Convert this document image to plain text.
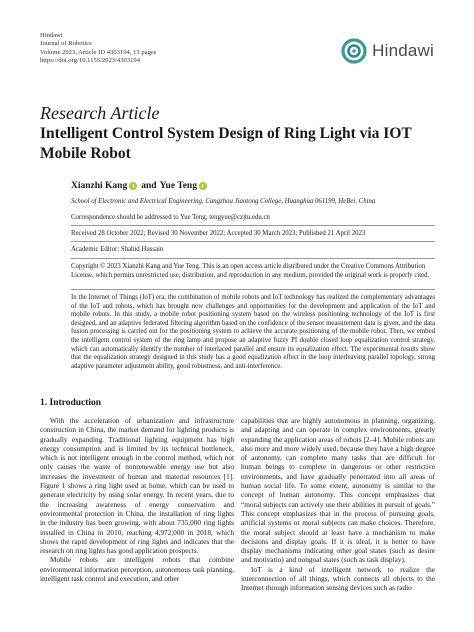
Hindawi
Journal of Robotics
Volume 2023, Article ID 4303194, 13 pages
https://doi.org/10.1155/2023/4303194
Hindawi
Research Article
Intelligent Control System Design of Ring Light via IOT Mobile Robot
Xianzhi Kang and Yue Teng
School of Electronic and Electrical Engineering, Cangzhou Jiaotong College, Huanghua 061199, HeBei, China
Correspondence should be addressed to Yue Teng; tengyue@czjtu.edu.cn
Received 28 October 2022; Revised 30 November 2022; Accepted 30 March 2023; Published 21 April 2023
Academic Editor: Shahid Hussain
Copyright © 2023 Xianzhi Kang and Yue Teng. This is an open access article distributed under the Creative Commons Attribution License, which permits unrestricted use, distribution, and reproduction in any medium, provided the original work is properly cited.
In the Internet of Things (IoT) era, the combination of mobile robots and IoT technology has realized the complementary advantages of the IoT and robots, which has brought new challenges and opportunities for the development and application of the IoT and mobile robots. In this study, a mobile robot positioning system based on the wireless positioning technology of the IoT is first designed, and an adaptive federated filtering algorithm based on the confidence of the sensor measurement data is given, and the data fusion processing is carried out for the positioning system to achieve the accurate positioning of the mobile robot. Then, we embed the intelligent control system of the ring lamp and propose an adaptive fuzzy PI double closed loop equalization control strategy, which can automatically identify the number of interlaced parallel and ensure its equalization effect. The experimental results show that the equalization strategy designed in this study has a good equalization effect in the loop interleaving parallel topology, strong adaptive parameter adjustment ability, good robustness, and anti-interference.
1. Introduction

With the acceleration of urbanization and infrastructure construction in China, the market demand for lighting products is gradually expanding. Traditional lighting equipment has high energy consumption and is limited by its technical bottleneck, which is not intelligent enough in the control method, which not only causes the waste of nonrenewable energy use but also increases the investment of human and material resources [1]. Figure 1 shows a ring light used at home, which can be used to generate electricity by using solar energy. In recent years, due to the increasing awareness of energy conservation and environmental protection in China, the installation of ring lights in the industry has been growing, with about 735,000 ring lights installed in China in 2010, reaching 4,972,000 in 2018, which shows the rapid development of ring lights and indicates that the research on ring lights has good application prospects.

Mobile robots are intelligent robots that combine environmental information perception, autonomous task planning, intelligent task control and execution, and other

capabilities that are highly autonomous in planning, organizing, and adapting and can operate in complex environments, greatly expanding the application areas of robots [2–4]. Mobile robots are also more and more widely used, because they have a high degree of autonomy, can complete many tasks that are difficult for human beings to complete in dangerous or other restrictive environments, and have gradually penetrated into all areas of human social life. To some extent, autonomy is similar to the concept of human autonomy. This concept emphasizes that “moral subjects can actively use their abilities in pursuit of goals.” This concept emphasizes that in the process of pursuing goals, artificial systems or moral subjects can make choices. Therefore, the moral subject should at least have a mechanism to make decisions and display goals. If it is ideal, it is better to have display mechanisms indicating other goal states (such as desire and motivatio) and nongoal states (such as task display).

IoT is a kind of intelligent network to realize the interconnection of all things, which connects all objects to the Internet through information sensing devices such as radio
